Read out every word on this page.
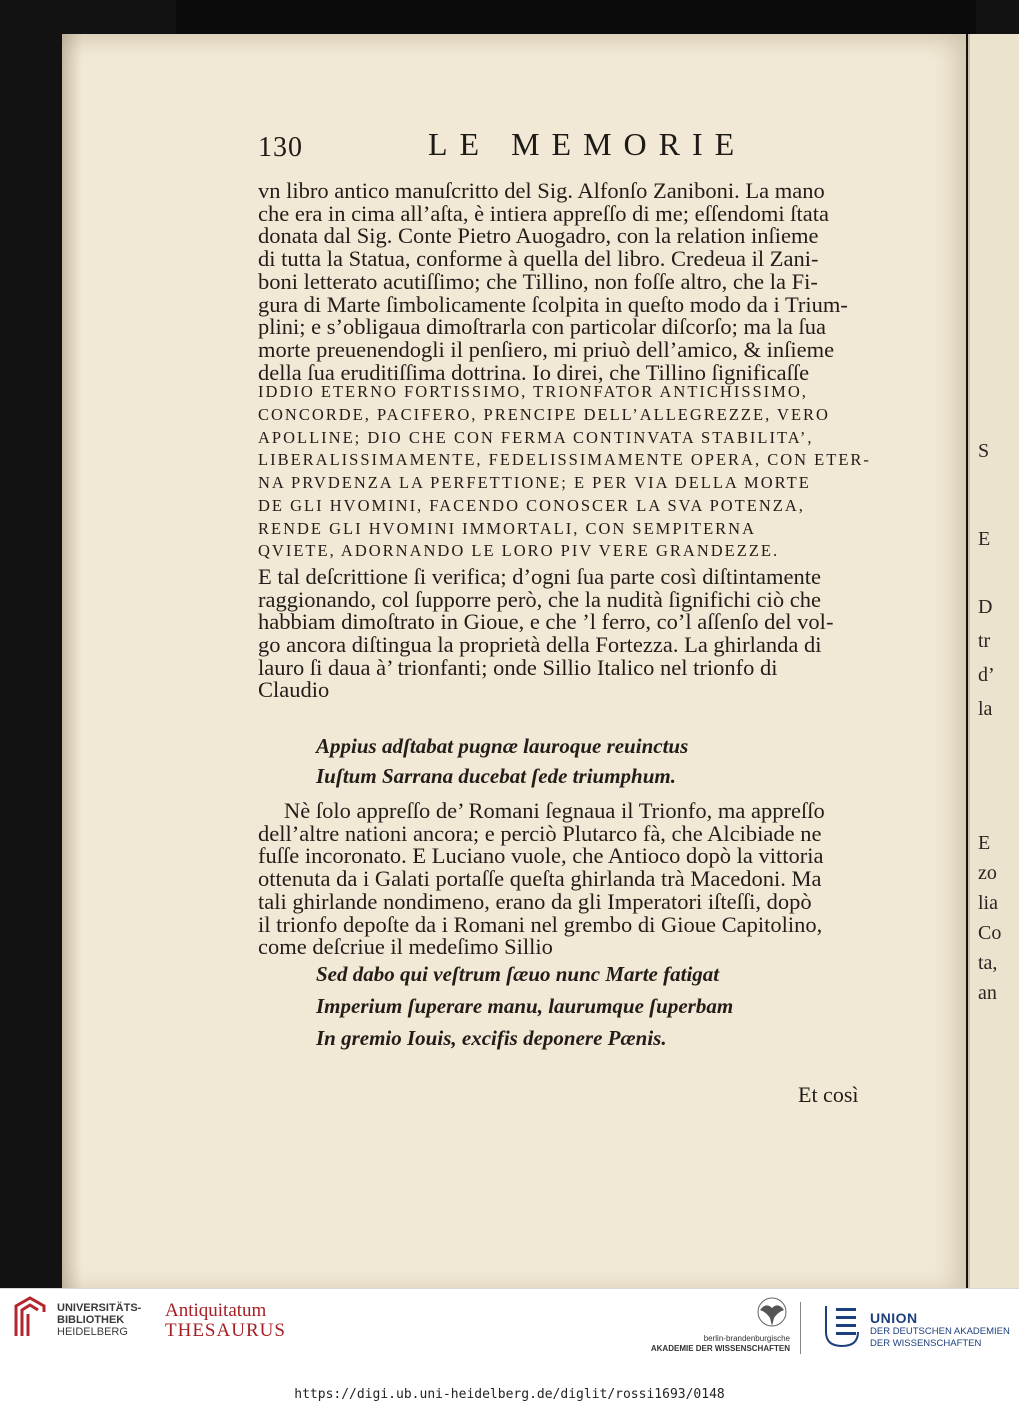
S
E
D
tr
d’
la
E
zo
lia
Co
ta,
an
130	LE MEMORIE
vn libro antico manuſcritto del Sig. Alfonſo Zaniboni. La mano
che era in cima all’aſta, è intiera appreſſo di me; eſſendomi ſtata
donata dal Sig. Conte Pietro Auogadro, con la relation inſieme
di tutta la Statua, conforme à quella del libro. Credeua il Zani-
boni letterato acutiſſimo; che Tillino, non foſſe altro, che la Fi-
gura di Marte ſimbolicamente ſcolpita in queſto modo da i Trium-
plini; e s’obligaua dimoſtrarla con particolar diſcorſo; ma la ſua
morte preuenendogli il penſiero, mi priuò dell’amico, & inſieme
della ſua eruditiſſima dottrina. Io direi, che Tillino ſignificaſſe
IDDIO ETERNO FORTISSIMO, TRIONFATOR ANTICHISSIMO,
CONCORDE, PACIFERO, PRENCIPE DELL’ALLEGREZZE, VERO
APOLLINE; DIO CHE CON FERMA CONTINVATA STABILITA’,
LIBERALISSIMAMENTE, FEDELISSIMAMENTE OPERA, CON ETER-
NA PRVDENZA LA PERFETTIONE; E PER VIA DELLA MORTE
DE GLI HVOMINI, FACENDO CONOSCER LA SVA POTENZA,
RENDE GLI HVOMINI IMMORTALI, CON SEMPITERNA
QVIETE, ADORNANDO LE LORO PIV VERE GRANDEZZE.
E tal deſcrittione ſi verifica; d’ogni ſua parte così diſtintamente
raggionando, col ſupporre però, che la nudità ſignifichi ciò che
habbiam dimoſtrato in Gioue, e che ’l ferro, co’l aſſenſo del vol-
go ancora diſtingua la proprietà della Fortezza. La ghirlanda di
lauro ſi daua à’ trionfanti; onde Sillio Italico nel trionfo di
Claudio
Appius adſtabat pugnæ lauroque reuinctus
Iuſtum Sarrana ducebat ſede triumphum.
Nè ſolo appreſſo de’ Romani ſegnaua il Trionfo, ma appreſſo
dell’altre nationi ancora; e perciò Plutarco fà, che Alcibiade ne
fuſſe incoronato. E Luciano vuole, che Antioco dopò la vittoria
ottenuta da i Galati portaſſe queſta ghirlanda trà Macedoni. Ma
tali ghirlande nondimeno, erano da gli Imperatori iſteſſi, dopò
il trionfo depoſte da i Romani nel grembo di Gioue Capitolino,
come deſcriue il medeſimo Sillio
Sed dabo qui veſtrum ſæuo nunc Marte fatigat
Imperium ſuperare manu, laurumque ſuperbam
In gremio Iouis, excifis deponere Pænis.
Et così
UNIVERSITÄTS-
BIBLIOTHEK
HEIDELBERG
Antiquitatum
THESAURUS	berlin-brandenburgische
AKADEMIE DER WISSENSCHAFTEN
UNION
DER DEUTSCHEN AKADEMIEN
DER WISSENSCHAFTEN
https://digi.ub.uni-heidelberg.de/diglit/rossi1693/0148
